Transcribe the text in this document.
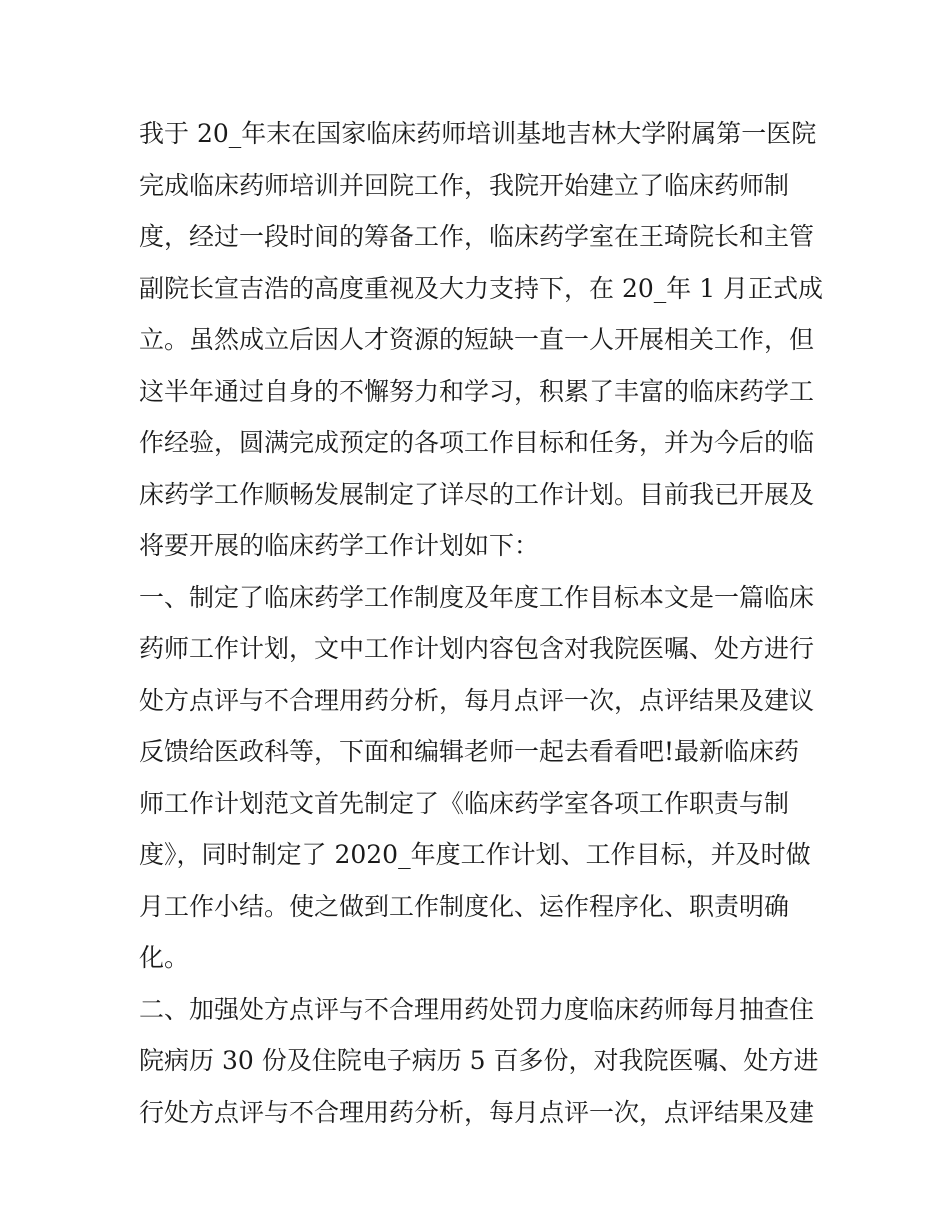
我于 20_年末在国家临床药师培训基地吉林大学附属第一医院
完成临床药师培训并回院工作，我院开始建立了临床药师制
度，经过一段时间的筹备工作，临床药学室在王琦院长和主管
副院长宣吉浩的高度重视及大力支持下，在 20_年 1 月正式成
立。虽然成立后因人才资源的短缺一直一人开展相关工作，但
这半年通过自身的不懈努力和学习，积累了丰富的临床药学工
作经验，圆满完成预定的各项工作目标和任务，并为今后的临
床药学工作顺畅发展制定了详尽的工作计划。目前我已开展及
将要开展的临床药学工作计划如下：
一、制定了临床药学工作制度及年度工作目标本文是一篇临床
药师工作计划，文中工作计划内容包含对我院医嘱、处方进行
处方点评与不合理用药分析，每月点评一次，点评结果及建议
反馈给医政科等，下面和编辑老师一起去看看吧!最新临床药
师工作计划范文首先制定了《临床药学室各项工作职责与制
度》，同时制定了 2020_年度工作计划、工作目标，并及时做
月工作小结。使之做到工作制度化、运作程序化、职责明确
化。
二、加强处方点评与不合理用药处罚力度临床药师每月抽查住
院病历 30 份及住院电子病历 5 百多份，对我院医嘱、处方进
行处方点评与不合理用药分析，每月点评一次，点评结果及建
